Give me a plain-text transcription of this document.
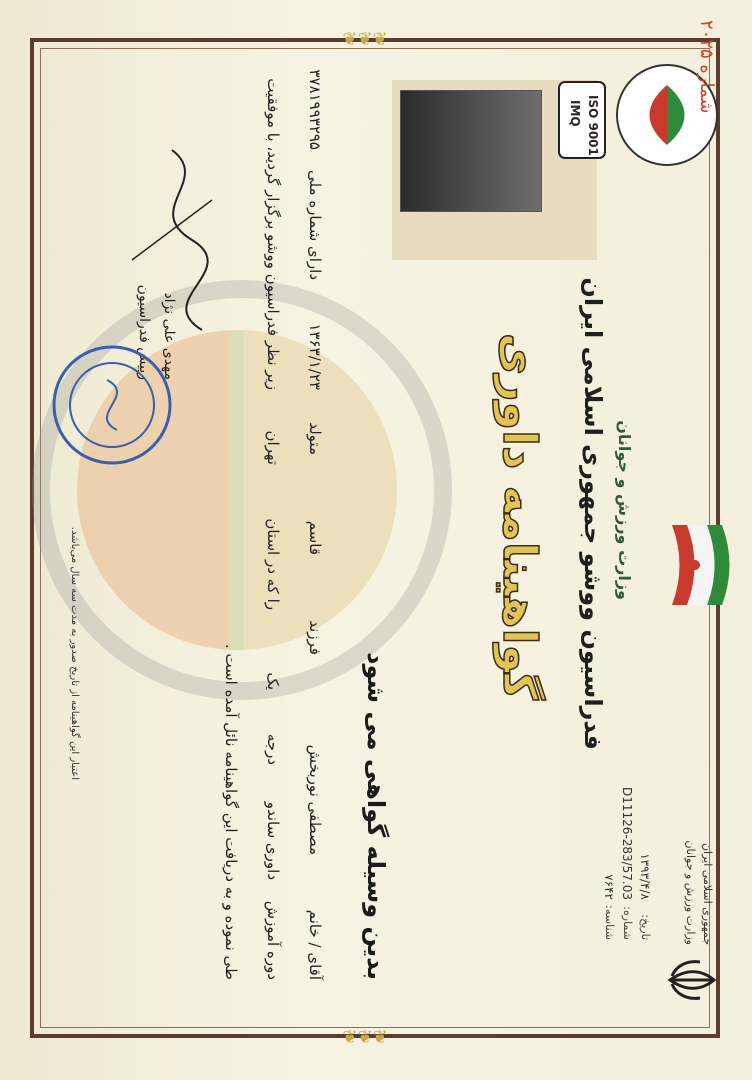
❦❦❦
❦❦❦
جمهوری اسلامی ایران
وزارت ورزش و جوانان
تاریخ:
۱۳۹۳/۴/۸
شماره:
D11126-283/57.03
شناسه:
۷۶۴۲
وزارت ورزش و جوانان
فدراسیون ووشو جمهوری اسلامی ایران
گواهینامه داوری
بدین وسیله گواهی می شود
آقای / خانم
مصطفی نوربخش
فرزند
قاسم
متولد
۱۳۶۳/۱/۲۳
دارای شماره ملی
۳۷۸۱۹۹۳۲۹۵
دوره آموزش
داوری ساندو
درجه
یک
را که در استان
تهران
زیر نظر فدراسیون ووشو برگزار گردید، با موفقیت
طی نموده و به دریافت این گواهینامه نائل آمده است .
اعتبار این گواهینامه از تاریخ صدور به مدت سه سال می‌باشد.
مهدی علی نژاد
رییس فدراسیون
ISO 9001
IMQ	شماره ۲۰۲۵
